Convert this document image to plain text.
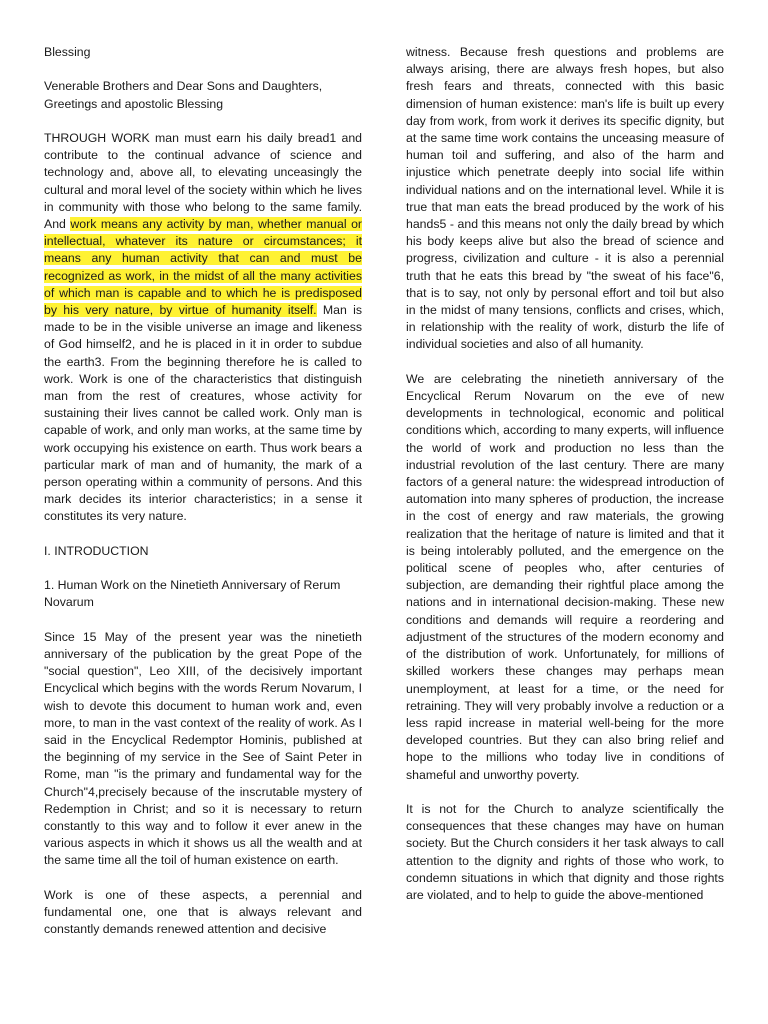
Blessing

Venerable Brothers and Dear Sons and Daughters,
Greetings and apostolic Blessing

THROUGH WORK man must earn his daily bread1 and contribute to the continual advance of science and technology and, above all, to elevating unceasingly the cultural and moral level of the society within which he lives in community with those who belong to the same family. And work means any activity by man, whether manual or intellectual, whatever its nature or circumstances; it means any human activity that can and must be recognized as work, in the midst of all the many activities of which man is capable and to which he is predisposed by his very nature, by virtue of humanity itself. Man is made to be in the visible universe an image and likeness of God himself2, and he is placed in it in order to subdue the earth3. From the beginning therefore he is called to work. Work is one of the characteristics that distinguish man from the rest of creatures, whose activity for sustaining their lives cannot be called work. Only man is capable of work, and only man works, at the same time by work occupying his existence on earth. Thus work bears a particular mark of man and of humanity, the mark of a person operating within a community of persons. And this mark decides its interior characteristics; in a sense it constitutes its very nature.

I. INTRODUCTION

1. Human Work on the Ninetieth Anniversary of Rerum Novarum

Since 15 May of the present year was the ninetieth anniversary of the publication by the great Pope of the "social question", Leo XIII, of the decisively important Encyclical which begins with the words Rerum Novarum, I wish to devote this document to human work and, even more, to man in the vast context of the reality of work. As I said in the Encyclical Redemptor Hominis, published at the beginning of my service in the See of Saint Peter in Rome, man "is the primary and fundamental way for the Church"4,precisely because of the inscrutable mystery of Redemption in Christ; and so it is necessary to return constantly to this way and to follow it ever anew in the various aspects in which it shows us all the wealth and at the same time all the toil of human existence on earth.

Work is one of these aspects, a perennial and fundamental one, one that is always relevant and constantly demands renewed attention and decisive

witness. Because fresh questions and problems are always arising, there are always fresh hopes, but also fresh fears and threats, connected with this basic dimension of human existence: man's life is built up every day from work, from work it derives its specific dignity, but at the same time work contains the unceasing measure of human toil and suffering, and also of the harm and injustice which penetrate deeply into social life within individual nations and on the international level. While it is true that man eats the bread produced by the work of his hands5 - and this means not only the daily bread by which his body keeps alive but also the bread of science and progress, civilization and culture - it is also a perennial truth that he eats this bread by "the sweat of his face"6, that is to say, not only by personal effort and toil but also in the midst of many tensions, conflicts and crises, which, in relationship with the reality of work, disturb the life of individual societies and also of all humanity.

We are celebrating the ninetieth anniversary of the Encyclical Rerum Novarum on the eve of new developments in technological, economic and political conditions which, according to many experts, will influence the world of work and production no less than the industrial revolution of the last century. There are many factors of a general nature: the widespread introduction of automation into many spheres of production, the increase in the cost of energy and raw materials, the growing realization that the heritage of nature is limited and that it is being intolerably polluted, and the emergence on the political scene of peoples who, after centuries of subjection, are demanding their rightful place among the nations and in international decision-making. These new conditions and demands will require a reordering and adjustment of the structures of the modern economy and of the distribution of work. Unfortunately, for millions of skilled workers these changes may perhaps mean unemployment, at least for a time, or the need for retraining. They will very probably involve a reduction or a less rapid increase in material well-being for the more developed countries. But they can also bring relief and hope to the millions who today live in conditions of shameful and unworthy poverty.

It is not for the Church to analyze scientifically the consequences that these changes may have on human society. But the Church considers it her task always to call attention to the dignity and rights of those who work, to condemn situations in which that dignity and those rights are violated, and to help to guide the above-mentioned
